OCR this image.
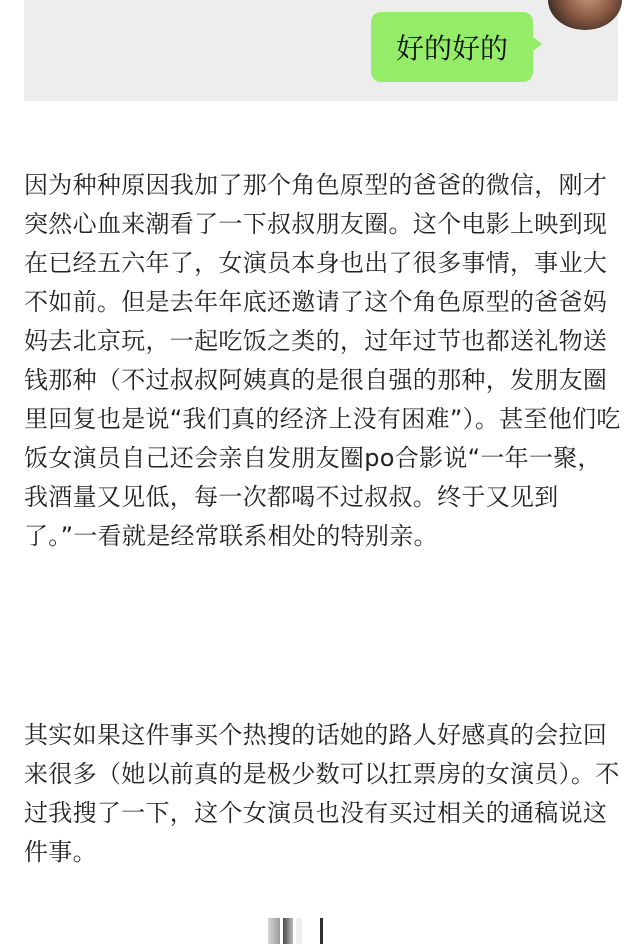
好的好的

因为种种原因我加了那个角色原型的爸爸的微信，刚才突然心血来潮看了一下叔叔朋友圈。这个电影上映到现在已经五六年了，女演员本身也出了很多事情，事业大不如前。但是去年年底还邀请了这个角色原型的爸爸妈妈去北京玩，一起吃饭之类的，过年过节也都送礼物送钱那种（不过叔叔阿姨真的是很自强的那种，发朋友圈里回复也是说“我们真的经济上没有困难”）。甚至他们吃饭女演员自己还会亲自发朋友圈po合影说“一年一聚，我酒量又见低，每一次都喝不过叔叔。终于又见到了。”一看就是经常联系相处的特别亲。

其实如果这件事买个热搜的话她的路人好感真的会拉回来很多（她以前真的是极少数可以扛票房的女演员）。不过我搜了一下，这个女演员也没有买过相关的通稿说这件事。
